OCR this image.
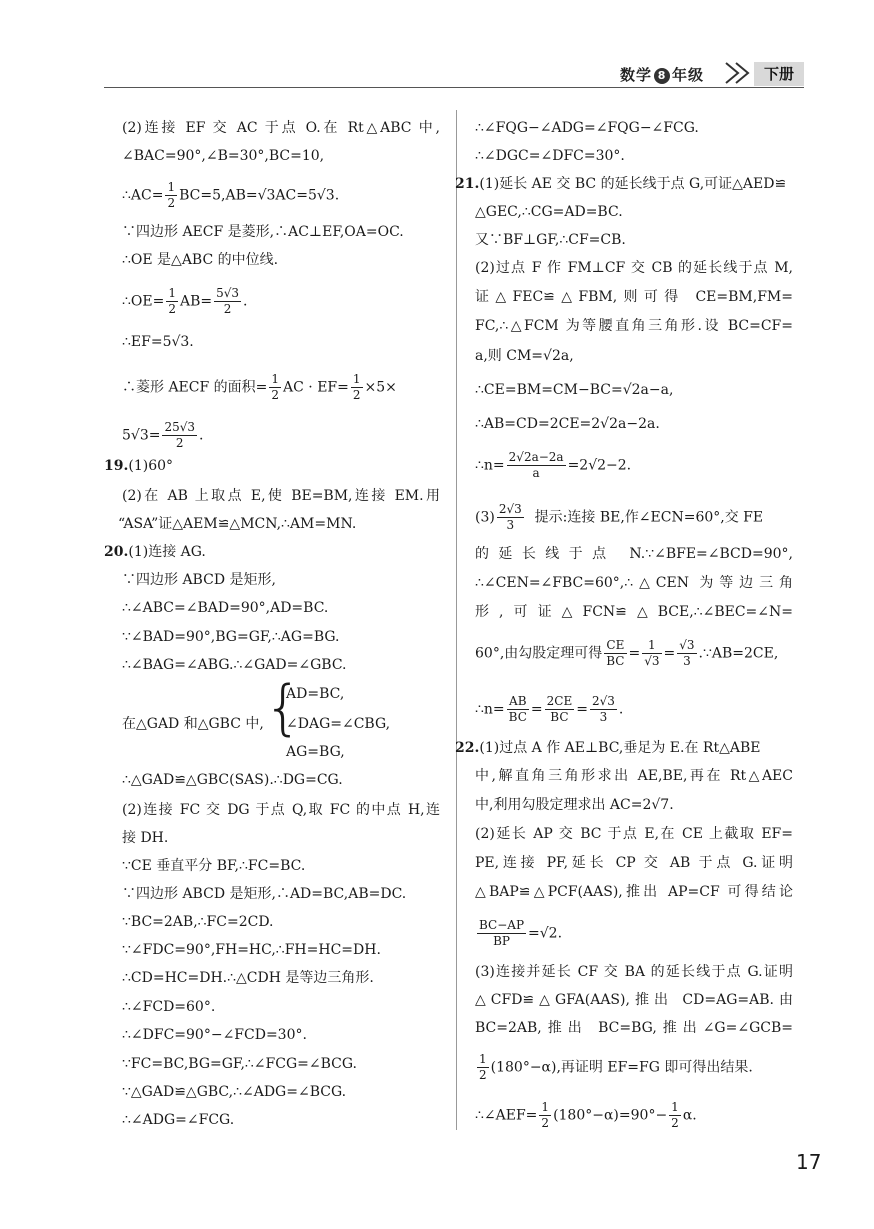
数学 8 年级	下册
(2)连接 EF 交 AC 于点 O.在 Rt△ABC 中,
∠BAC=90°,∠B=30°,BC=10,
∴AC= $\frac{1}{2} BC=5,AB=√3AC=5√3$.
∵四边形 AECF 是菱形,∴AC⊥EF,OA=OC.
∴OE 是△ABC 的中位线.
∴OE= $\frac{1}{2} AB= \frac{5√3}{2}$ .
∴EF=5√3.
∴菱形 AECF 的面积= $\frac{1}{2}$ AC · $EF= \frac{1}{2} \times 5\times$
$5√3= \frac{25√3}{2}$ .
19.(1)60°
(2)在 AB 上取点 E,使 BE=BM,连接 EM.用
“ASA”证△AEM≌△MCN,∴AM=MN.
20.(1)连接 AG.
∵四边形 ABCD 是矩形,
∴∠ABC=∠BAD=90°,AD=BC.
∵∠BAD=90°,BG=GF,∴AG=BG.
∴∠BAG=∠ABG.∴∠GAD=∠GBC.
在△GAD 和△GBC 中, {
AD=BC,
∠DAG=∠CBG,
AG=BG,
∴△GAD≌△GBC(SAS).∴DG=CG.
(2)连接 FC 交 DG 于点 Q,取 FC 的中点 H,连
接 DH.
∵CE 垂直平分 BF,∴FC=BC.
∵四边形 ABCD 是矩形,∴AD=BC,AB=DC.
∵BC=2AB,∴FC=2CD.
∵∠FDC=90°,FH=HC,∴FH=HC=DH.
∴CD=HC=DH.∴△CDH 是等边三角形.
∴∠FCD=60°.
∴∠DFC=90°−∠FCD=30°.
∵FC=BC,BG=GF,∴∠FCG=∠BCG.
∵△GAD≌△GBC,∴∠ADG=∠BCG.
∴∠ADG=∠FCG.
∴∠FQG−∠ADG=∠FQG−∠FCG.
∴∠DGC=∠DFC=30°.
21.(1)延长 AE 交 BC 的延长线于点 G,可证△AED≌
△GEC,∴CG=AD=BC.
又∵BF⊥GF,∴CF=CB.
(2)过点 F 作 FM⊥CF 交 CB 的延长线于点 M,
证△FEC≌△FBM,则可得 CE=BM,FM=
FC,∴△FCM 为等腰直角三角形.设 BC=CF=
a,则 CM=√2a,
∴CE=BM=CM−BC=√2a−a,
∴AB=CD=2CE=2√2a−2a.
∴n= $\frac{2√2a-2a}{a} =2√2-2$.
$(3) \frac{2√3}{3}$ 提示:连接 BE,作∠ECN=60°,交 FE
的延长线于点 N.∵∠BFE=∠BCD=90°,
∴∠CEN=∠FBC=60°,∴△CEN 为等边三角
形,可证△FCN≌△BCE,∴∠BEC=∠N=
60°,由勾股定理可得 $\frac{CE}{BC} = \frac{1}{√3} = \frac{√3}{3}$ .∵AB=2CE,
∴n= $\frac{AB}{BC} = \frac{2CE}{BC} = \frac{2√3}{3}$ .
22.(1)过点 A 作 AE⊥BC,垂足为 E.在 Rt△ABE
中,解直角三角形求出 AE,BE,再在 Rt△AEC
中,利用勾股定理求出 AC=2√7.
(2)延长 AP 交 BC 于点 E,在 CE 上截取 EF=
PE,连接 PF,延长 CP 交 AB 于点 G.证明
△BAP≌△PCF(AAS),推出 AP=CF 可得结论
$\frac{BC-AP}{BP} =√2$.
(3)连接并延长 CF 交 BA 的延长线于点 G.证明
△CFD≌△GFA(AAS),推出 CD=AG=AB.由
BC=2AB,推出 BC=BG,推出∠G=∠GCB=
$\frac{1}{2} (180^\circ-\alpha)$,再证明 EF=FG 即可得出结果.
∴∠AEF= $\frac{1}{2} (180^\circ-\alpha)=90^\circ- \frac{1}{2} \alpha$.
17
